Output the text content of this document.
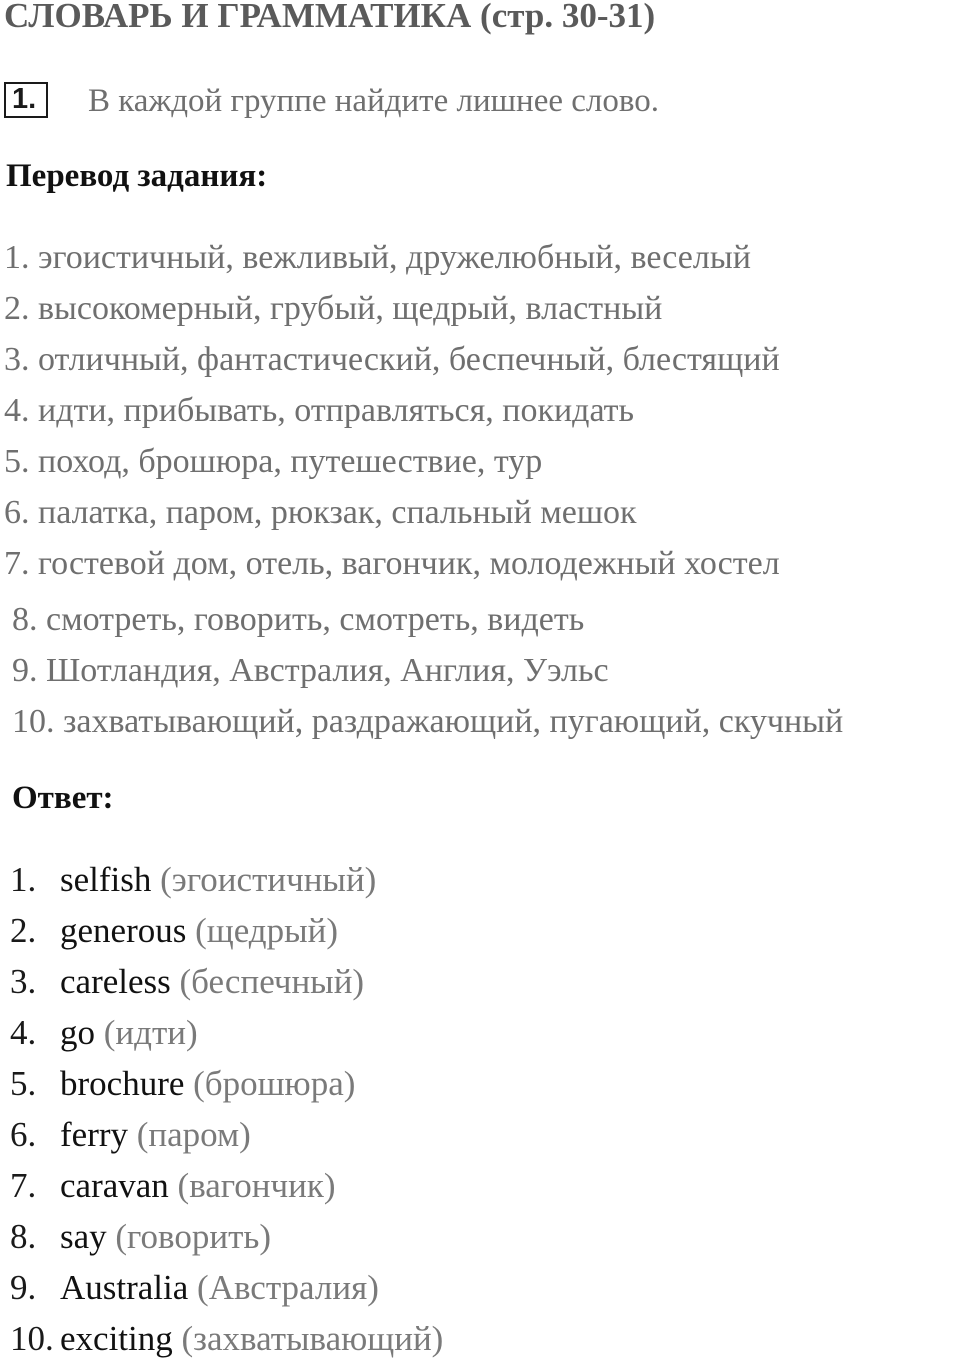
СЛОВАРЬ И ГРАММАТИКА (стр. 30-31)
1.	В каждой группе найдите лишнее слово.
Перевод задания:
1. эгоистичный, вежливый, дружелюбный, веселый
2. высокомерный, грубый, щедрый, властный
3. отличный, фантастический, беспечный, блестящий
4. идти, прибывать, отправляться, покидать
5. поход, брошюра, путешествие, тур
6. палатка, паром, рюкзак, спальный мешок
7. гостевой дом, отель, вагончик, молодежный хостел
8. смотреть, говорить, смотреть, видеть
9. Шотландия, Австралия, Англия, Уэльс
10. захватывающий, раздражающий, пугающий, скучный
Ответ:
1. selfish (эгоистичный)
2. generous (щедрый)
3. careless (беспечный)
4. go (идти)
5. brochure (брошюра)
6. ferry (паром)
7. caravan (вагончик)
8. say (говорить)
9. Australia (Австралия)
10. exciting (захватывающий)
